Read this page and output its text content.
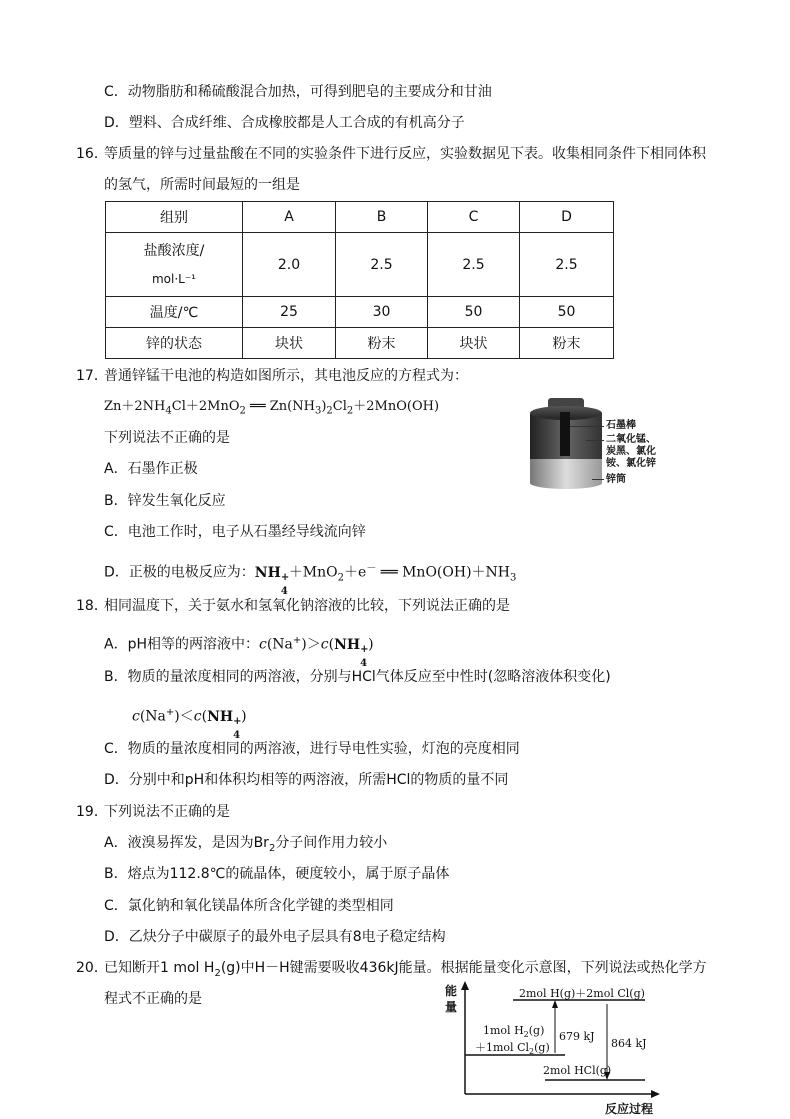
C．动物脂肪和稀硫酸混合加热，可得到肥皂的主要成分和甘油
D．塑料、合成纤维、合成橡胶都是人工合成的有机高分子
16．
等质量的锌与过量盐酸在不同的实验条件下进行反应，实验数据见下表。收集相同条件下相同体积
的氢气，所需时间最短的一组是
组别	A	B	C	D

盐酸浓度/
mol·L⁻¹	2.0	2.5	2.5	2.5
温度/℃	25	30	50	50
锌的状态	块状	粉末	块状	粉末
17．
普通锌锰干电池的构造如图所示，其电池反应的方程式为：
$Zn+2NH_4Cl+2MnO_2$ ══ $Zn(NH_3)_2Cl_2+2MnO(OH)$
下列说法不正确的是
A．石墨作正极
B．锌发生氧化反应
C．电池工作时，电子从石墨经导线流向锌
D．正极的电极反应为：NH +
4
＋MnO$_2$＋e－ ══ $MnO(OH)+NH_3$
石墨棒
二氧化锰、
炭黑、氯化
铵、氯化锌
锌筒
18．
相同温度下，关于氨水和氢氧化钠溶液的比较，下列说法正确的是
A．pH相等的两溶液中：c(Na+)＞c(NH +
4
)
B．物质的量浓度相同的两溶液，分别与HCl气体反应至中性时(忽略溶液体积变化)
c(Na+)＜c(NH +
4
)
C．物质的量浓度相同的两溶液，进行导电性实验，灯泡的亮度相同
D．分别中和pH和体积均相等的两溶液，所需HCl的物质的量不同
19．
下列说法不正确的是
A．液溴易挥发，是因为$Br_2$分子间作用力较小
B．熔点为112.8℃的硫晶体，硬度较小，属于原子晶体
C．氯化钠和氧化镁晶体所含化学键的类型相同
D．乙炔分子中碳原子的最外电子层具有8电子稳定结构
20．
已知断开1 mol $H_2(g)$中H－H键需要吸收436kJ能量。根据能量变化示意图，下列说法或热化学方
程式不正确的是	能
量
2mol H(g)＋2mol Cl(g)
1mol $H_2(g)$
＋1mol $Cl_2(g)$
679 kJ
864 kJ
2mol HCl(g)
反应过程
